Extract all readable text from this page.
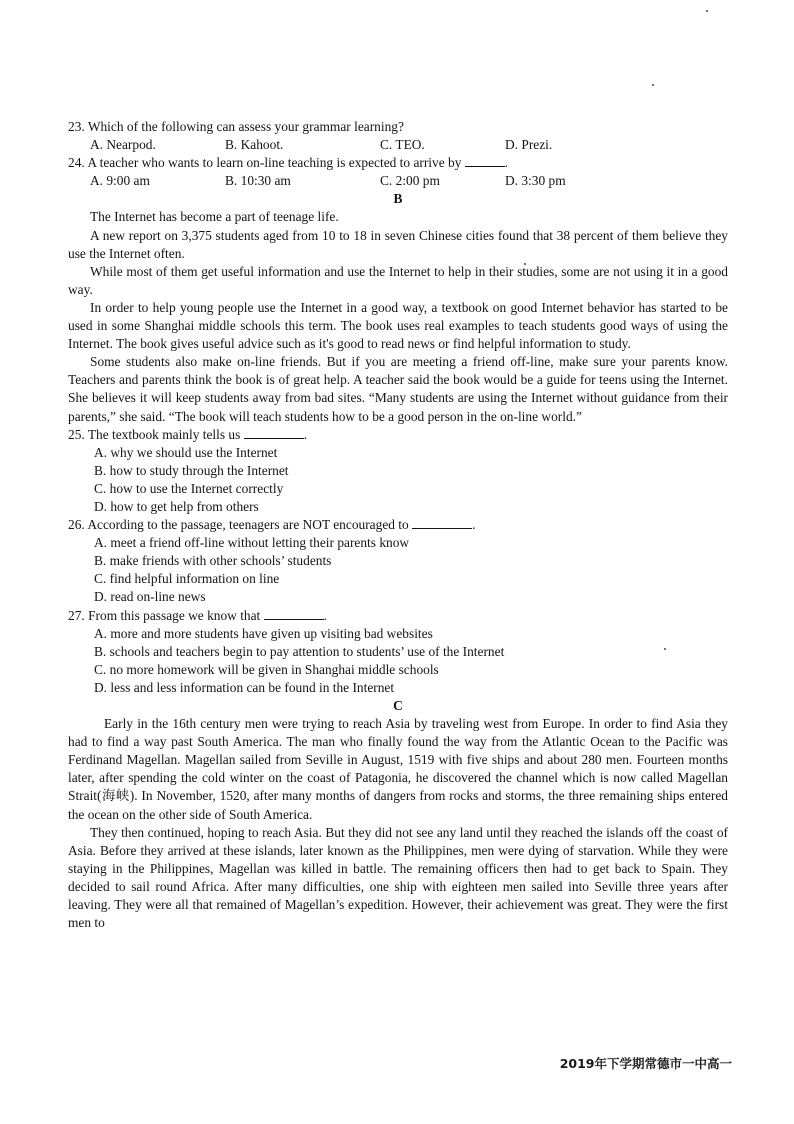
23. Which of the following can assess your grammar learning?

A. Nearpod.	B. Kahoot.	C. TEO.	D. Prezi.

24. A teacher who wants to learn on-line teaching is expected to arrive by	.

A. 9:00 am	B. 10:30 am	C. 2:00 pm	D. 3:30 pm

B

The Internet has become a part of teenage life.

A new report on 3,375 students aged from 10 to 18 in seven Chinese cities found that 38 percent of them believe they use the Internet often.

While most of them get useful information and use the Internet to help in their studies, some are not using it in a good way.

In order to help young people use the Internet in a good way, a textbook on good Internet behavior has started to be used in some Shanghai middle schools this term. The book uses real examples to teach students good ways of using the Internet. The book gives useful advice such as it's good to read news or find helpful information to study.

Some students also make on-line friends. But if you are meeting a friend off-line, make sure your parents know. Teachers and parents think the book is of great help. A teacher said the book would be a guide for teens using the Internet. She believes it will keep students away from bad sites. “Many students are using the Internet without guidance from their parents,” she said. “The book will teach students how to be a good person in the on-line world.”

25. The textbook mainly tells us	.

A. why we should use the Internet

B. how to study through the Internet

C. how to use the Internet correctly

D. how to get help from others

26. According to the passage, teenagers are NOT encouraged to	.

A. meet a friend off-line without letting their parents know

B. make friends with other schools’ students

C. find helpful information on line

D. read on-line news

27. From this passage we know that	.

A. more and more students have given up visiting bad websites

B. schools and teachers begin to pay attention to students’ use of the Internet

C. no more homework will be given in Shanghai middle schools

D. less and less information can be found in the Internet

C

Early in the 16th century men were trying to reach Asia by traveling west from Europe. In order to find Asia they had to find a way past South America. The man who finally found the way from the Atlantic Ocean to the Pacific was Ferdinand Magellan. Magellan sailed from Seville in August, 1519 with five ships and about 280 men. Fourteen months later, after spending the cold winter on the coast of Patagonia, he discovered the channel which is now called Magellan Strait(海峡). In November, 1520, after many months of dangers from rocks and storms, the three remaining ships entered the ocean on the other side of South America.

They then continued, hoping to reach Asia. But they did not see any land until they reached the islands off the coast of Asia. Before they arrived at these islands, later known as the Philippines, men were dying of starvation. While they were staying in the Philippines, Magellan was killed in battle. The remaining officers then had to get back to Spain. They decided to sail round Africa. After many difficulties, one ship with eighteen men sailed into Seville three years after leaving. They were all that remained of Magellan’s expedition. However, their achievement was great. They were the first men to

2019年下学期常德市一中高一
